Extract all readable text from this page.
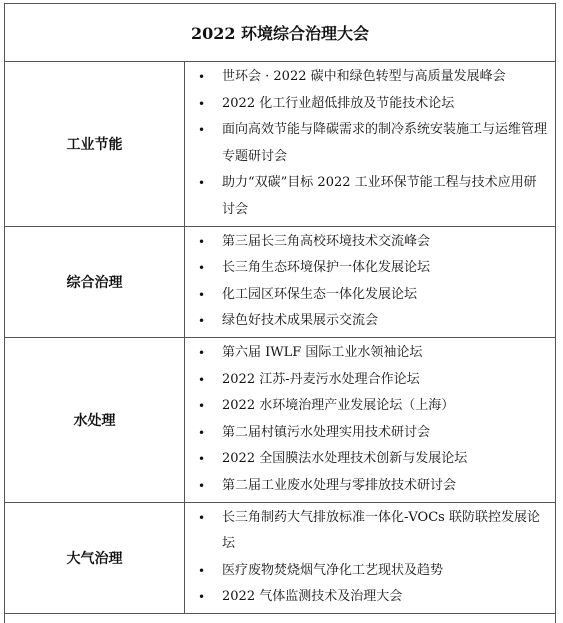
2022 环境综合治理大会
工业节能
• 世环会 · 2022 碳中和绿色转型与高质量发展峰会
• 2022 化工行业超低排放及节能技术论坛
• 面向高效节能与降碳需求的制冷系统安装施工与运维管理专题研讨会
• 助力“双碳”目标 2022 工业环保节能工程与技术应用研讨会
综合治理
• 第三届长三角高校环境技术交流峰会
• 长三角生态环境保护一体化发展论坛
• 化工园区环保生态一体化发展论坛
• 绿色好技术成果展示交流会
水处理
• 第六届 IWLF 国际工业水领袖论坛
• 2022 江苏-丹麦污水处理合作论坛
• 2022 水环境治理产业发展论坛（上海）
• 第二届村镇污水处理实用技术研讨会
• 2022 全国膜法水处理技术创新与发展论坛
• 第二届工业废水处理与零排放技术研讨会
大气治理
• 长三角制药大气排放标准一体化-VOCs 联防联控发展论坛
• 医疗废物焚烧烟气净化工艺现状及趋势
• 2022 气体监测技术及治理大会
